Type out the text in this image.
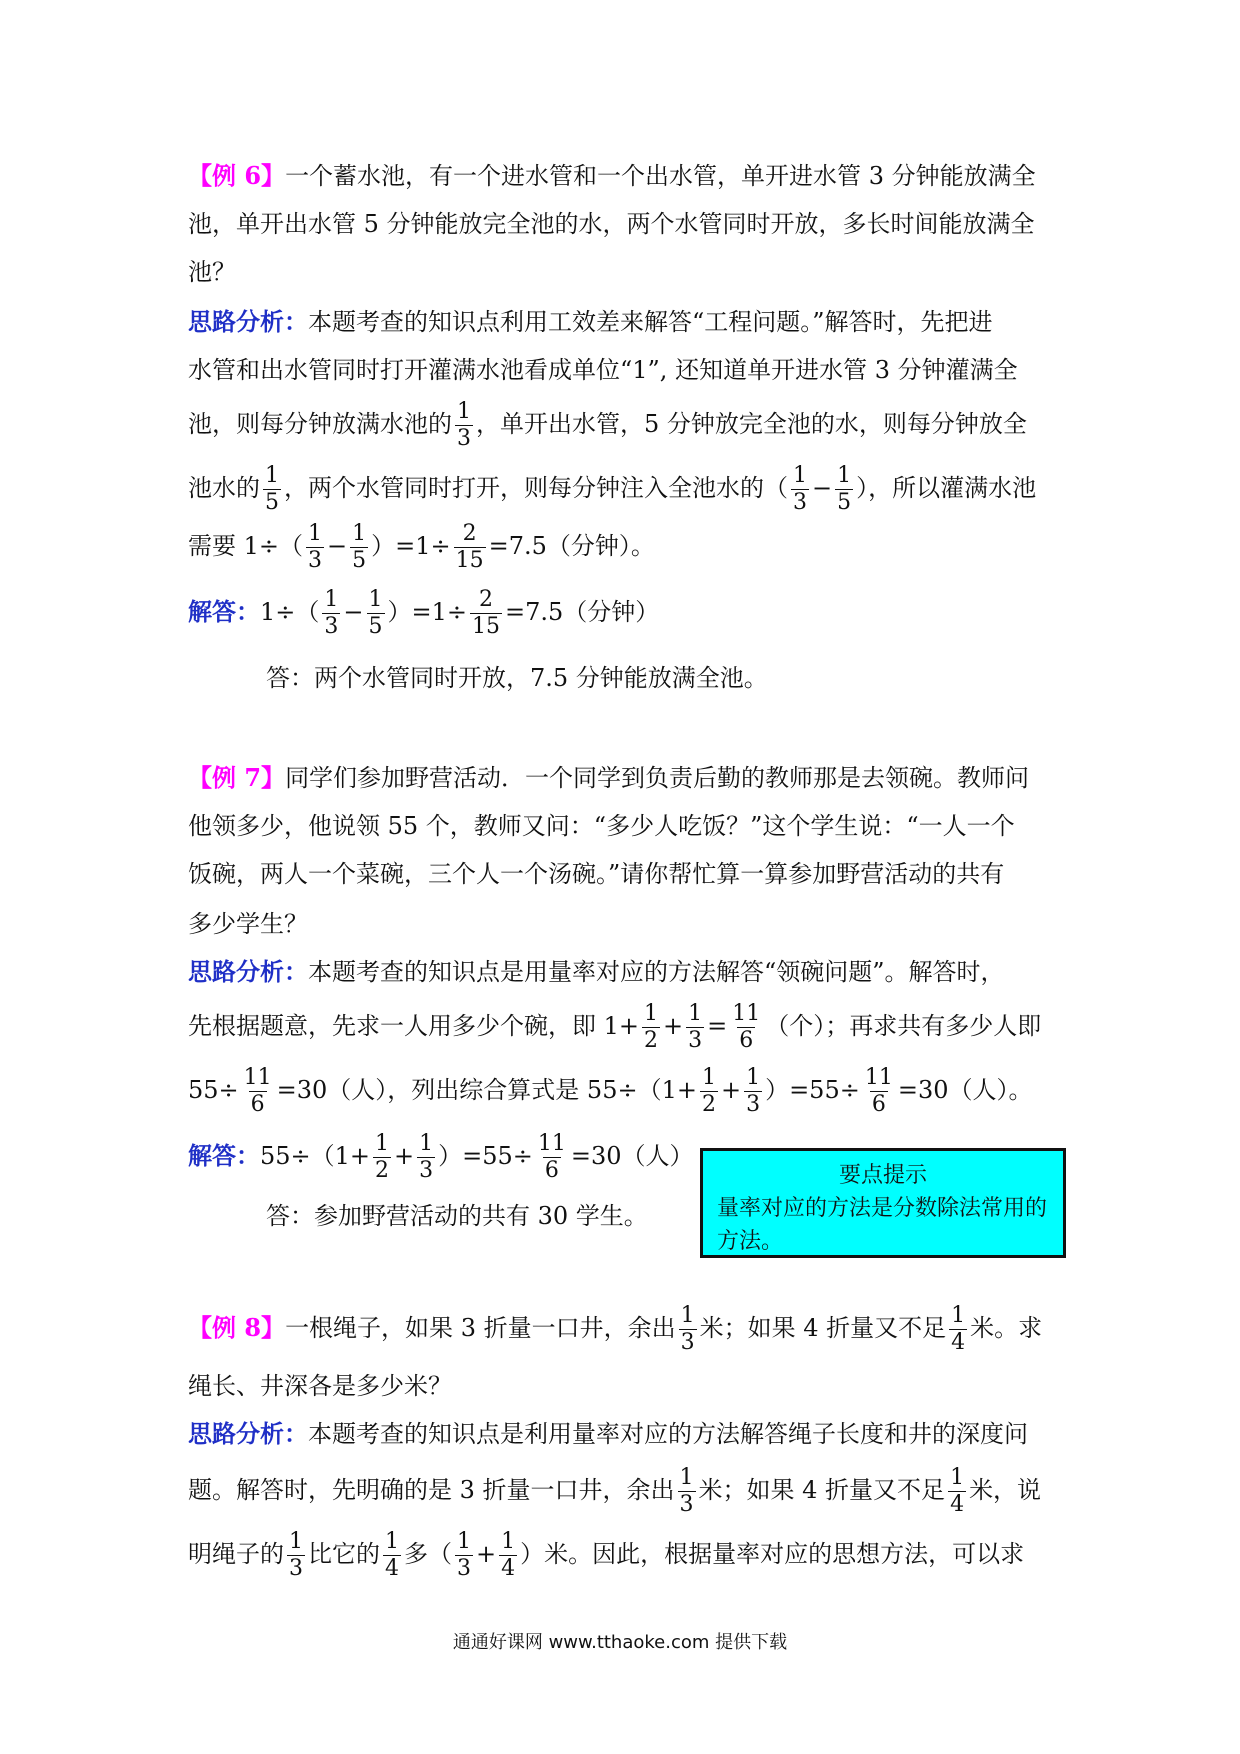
【例 6】一个蓄水池，有一个进水管和一个出水管，单开进水管 3 分钟能放满全
池，单开出水管 5 分钟能放完全池的水，两个水管同时开放，多长时间能放满全
池？
思路分析：本题考查的知识点利用工效差来解答“工程问题。”解答时，先把进
水管和出水管同时打开灌满水池看成单位“1”, 还知道单开进水管 3 分钟灌满全
池，则每分钟放满水池的 $\frac{1}{3}$ ，单开出水管，5 分钟放完全池的水，则每分钟放全
池水的 $\frac{1}{5}$ ，两个水管同时打开，则每分钟注入全池水的（ $\frac{1}{3} - \frac{1}{5}$ ），所以灌满水池
需要 $1\div( \frac{1}{3} - \frac{1}{5} )=1\div \frac{2}{15} =7.5$（分钟）。
解答：$1\div( \frac{1}{3} - \frac{1}{5} )=1\div \frac{2}{15} =7.5$（分钟）
答：两个水管同时开放，7.5 分钟能放满全池。
【例 7】同学们参加野营活动．一个同学到负责后勤的教师那是去领碗。教师问
他领多少，他说领 55 个，教师又问：“多少人吃饭？”这个学生说：“一人一个
饭碗，两人一个菜碗，三个人一个汤碗。”请你帮忙算一算参加野营活动的共有
多少学生？
思路分析：本题考查的知识点是用量率对应的方法解答“领碗问题”。解答时，
先根据题意，先求一人用多少个碗，即 $1+ \frac{1}{2} + \frac{1}{3} = \frac{11}{6}$ （个）；再求共有多少人即
$55\div \frac{11}{6} =30$（人），列出综合算式是 $55\div(1+ \frac{1}{2} + \frac{1}{3} )=55\div \frac{11}{6} =30$（人）。
解答：$55\div(1+ \frac{1}{2} + \frac{1}{3} )=55\div \frac{11}{6} =30$（人）
答：参加野营活动的共有 30 学生。
要点提示
量率对应的方法是分数除法常用的
方法。
【例 8】一根绳子，如果 3 折量一口井，余出 $\frac{1}{3}$ 米；如果 4 折量又不足 $\frac{1}{4}$ 米。求
绳长、井深各是多少米？
思路分析：本题考查的知识点是利用量率对应的方法解答绳子长度和井的深度问
题。解答时，先明确的是 3 折量一口井，余出 $\frac{1}{3}$ 米；如果 4 折量又不足 $\frac{1}{4}$ 米，说
明绳子的 $\frac{1}{3}$ 比它的 $\frac{1}{4}$ 多（ $\frac{1}{3} + \frac{1}{4}$ ）米。因此，根据量率对应的思想方法，可以求
通通好课网 www.tthaoke.com 提供下载
